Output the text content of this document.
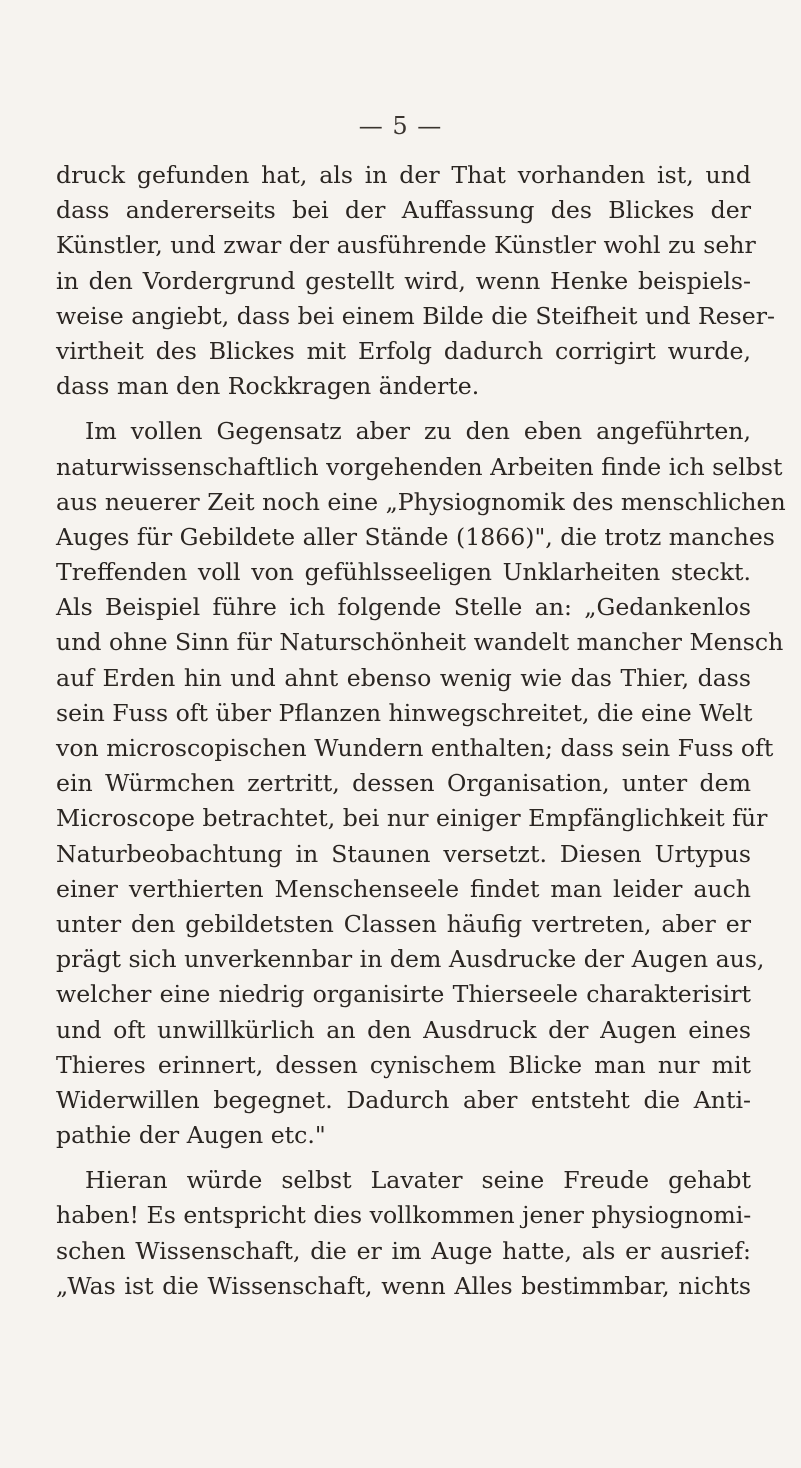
— 5 —
druck gefunden hat, als in der That vorhanden ist, und
dass andererseits bei der Auffassung des Blickes der
Künstler, und zwar der ausführende Künstler wohl zu sehr
in den Vordergrund gestellt wird, wenn Henke beispiels-
weise angiebt, dass bei einem Bilde die Steifheit und Reser-
virtheit des Blickes mit Erfolg dadurch corrigirt wurde,
dass man den Rockkragen änderte.
Im vollen Gegensatz aber zu den eben angeführten,
naturwissenschaftlich vorgehenden Arbeiten finde ich selbst
aus neuerer Zeit noch eine „Physiognomik des menschlichen
Auges für Gebildete aller Stände (1866)", die trotz manches
Treffenden voll von gefühlsseeligen Unklarheiten steckt.
Als Beispiel führe ich folgende Stelle an: „Gedankenlos
und ohne Sinn für Naturschönheit wandelt mancher Mensch
auf Erden hin und ahnt ebenso wenig wie das Thier, dass
sein Fuss oft über Pflanzen hinwegschreitet, die eine Welt
von microscopischen Wundern enthalten; dass sein Fuss oft
ein Würmchen zertritt, dessen Organisation, unter dem
Microscope betrachtet, bei nur einiger Empfänglichkeit für
Naturbeobachtung in Staunen versetzt. Diesen Urtypus
einer verthierten Menschenseele findet man leider auch
unter den gebildetsten Classen häufig vertreten, aber er
prägt sich unverkennbar in dem Ausdrucke der Augen aus,
welcher eine niedrig organisirte Thierseele charakterisirt
und oft unwillkürlich an den Ausdruck der Augen eines
Thieres erinnert, dessen cynischem Blicke man nur mit
Widerwillen begegnet. Dadurch aber entsteht die Anti-
pathie der Augen etc."
Hieran würde selbst Lavater seine Freude gehabt
haben! Es entspricht dies vollkommen jener physiognomi-
schen Wissenschaft, die er im Auge hatte, als er ausrief:
„Was ist die Wissenschaft, wenn Alles bestimmbar, nichts
